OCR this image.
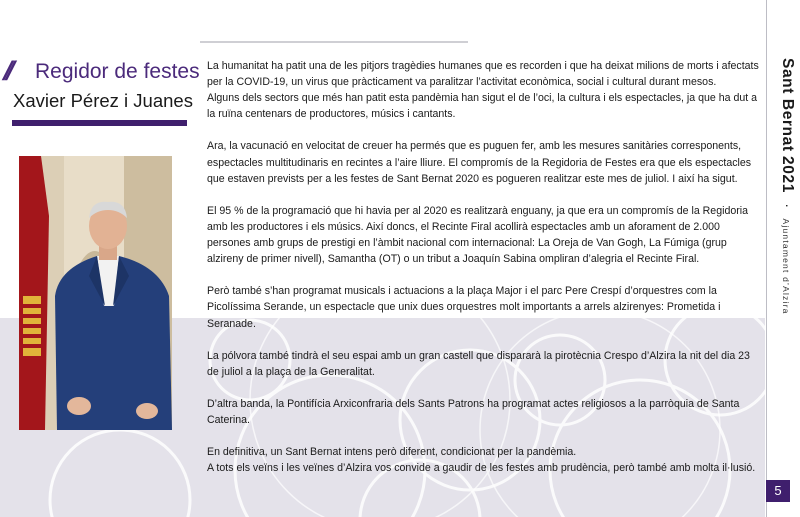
// Regidor de festes
Xavier Pérez i Juanes

La humanitat ha patit una de les pitjors tragèdies humanes que es recorden i que ha deixat milions de morts i afectats per la COVID-19, un virus que pràcticament va paralitzar l’activitat econòmica, social i cultural durant mesos.
Alguns dels sectors que més han patit esta pandèmia han sigut el de l’oci, la cultura i els espectacles, ja que ha dut a la ruïna centenars de productores, músics i cantants.

Ara, la vacunació en velocitat de creuer ha permés que es puguen fer, amb les mesures sanitàries corresponents, espectacles multitudinaris en recintes a l’aire lliure. El compromís de la Regidoria de Festes era que els espectacles que estaven prevists per a les festes de Sant Bernat 2020 es pogueren realitzar este mes de juliol. I així ha sigut.

El 95 % de la programació que hi havia per al 2020 es realitzarà enguany, ja que era un compromís de la Regidoria amb les productores i els músics. Així doncs, el Recinte Firal acollirà espectacles amb un aforament de 2.000 persones amb grups de prestigi en l’àmbit nacional com internacional: La Oreja de Van Gogh, La Fúmiga (grup alzireny de primer nivell), Samantha (OT) o un tribut a Joaquín Sabina ompliran d’alegria el Recinte Firal.

Però també s’han programat musicals i actuacions a la plaça Major i el parc Pere Crespí d’orquestres com la Picolíssima Serande, un espectacle que unix dues orquestres molt importants a arrels alzirenyes: Prometida i Seranade.

La pólvora també tindrà el seu espai amb un gran castell que dispararà la pirotècnia Crespo d’Alzira la nit del dia 23 de juliol a la plaça de la Generalitat.

D’altra banda, la Pontifícia Arxiconfraria dels Sants Patrons ha programat actes religiosos a la parròquia de Santa Caterina.

En definitiva, un Sant Bernat intens però diferent, condicionat per la pandèmia.
A tots els veïns i les veïnes d’Alzira vos convide a gaudir de les festes amb prudència, però també amb molta il·lusió.

Sant Bernat 2021 · Ajuntament d’Alzira
5
